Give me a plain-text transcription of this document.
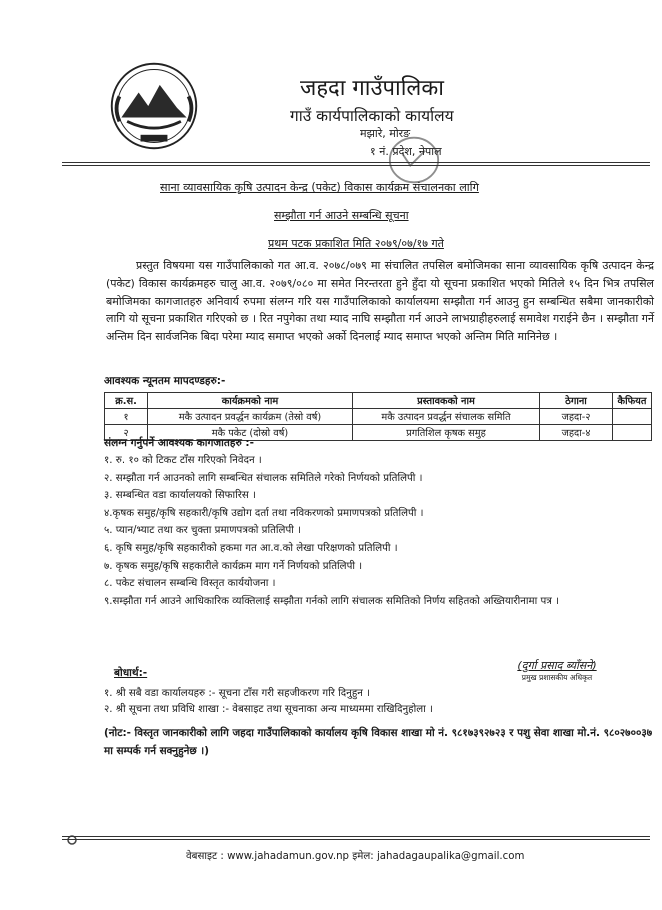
जहदा गाउँपालिका
गाउँ कार्यपालिकाको कार्यालय
मझारे, मोरङ
१ नं. प्रदेश, नेपाल
साना व्यावसायिक कृषि उत्पादन केन्द्र (पकेट) विकास कार्यक्रम संचालनका लागि
सम्झौता गर्न आउने सम्बन्धि सूचना
प्रथम पटक प्रकाशित मिति २०७९/०७/१७ गते
प्रस्तुत विषयमा यस गाउँपालिकाको गत आ.व. २०७८/०७९ मा संचालित तपसिल बमोजिमका साना व्यावसायिक कृषि उत्पादन केन्द्र (पकेट) विकास कार्यक्रमहरु चालु आ.व. २०७९/०८० मा समेत निरन्तरता हुने हुँदा यो सूचना प्रकाशित भएको मितिले १५ दिन भित्र तपसिल बमोजिमका कागजातहरु अनिवार्य रुपमा संलग्न गरि यस गाउँपालिकाको कार्यालयमा सम्झौता गर्न आउनु हुन सम्बन्धित सबैमा जानकारीको लागि यो सूचना प्रकाशित गरिएको छ । रित नपुगेका तथा म्याद नाघि सम्झौता गर्न आउने लाभग्राहीहरुलाई समावेश गराईने छैन । सम्झौता गर्ने अन्तिम दिन सार्वजनिक बिदा परेमा म्याद समाप्त भएको अर्को दिनलाई म्याद समाप्त भएको अन्तिम मिति मानिनेछ ।
आवश्यक न्यूनतम मापदण्डहरु:-
क्र.स.	कार्यक्रमको नाम	प्रस्तावकको नाम	ठेगाना	कैफियत
१	मकै उत्पादन प्रवर्द्धन कार्यक्रम (तेस्रो वर्ष)	मकै उत्पादन प्रवर्द्धन संचालक समिति	जहदा-२	
२	मकै पकेट (दोस्रो वर्ष)	प्रगतिशिल कृषक समुह	जहदा-४	
संलग्न गर्नुपर्ने आवश्यक कागजातहरु :-
१. रु. १० को टिकट टाँस गरिएको निवेदन ।
२. सम्झौता गर्न आउनको लागि सम्बन्धित संचालक समितिले गरेको निर्णयको प्रतिलिपी ।
३. सम्बन्धित वडा कार्यालयको सिफारिस ।
४.कृषक समुह/कृषि सहकारी/कृषि उद्योग दर्ता तथा नविकरणको प्रमाणपत्रको प्रतिलिपी ।
५. प्यान/भ्याट तथा कर चुक्ता प्रमाणपत्रको प्रतिलिपी ।
६. कृषि समुह/कृषि सहकारीको हकमा गत आ.व.को लेखा परिक्षणको प्रतिलिपी ।
७. कृषक समुह/कृषि सहकारीले कार्यक्रम माग गर्ने निर्णयको प्रतिलिपी ।
८. पकेट संचालन सम्बन्धि विस्तृत कार्ययोजना ।
९.सम्झौता गर्न आउने आधिकारिक व्यक्तिलाई सम्झौता गर्नको लागि संचालक समितिको निर्णय सहितको अख्तियारीनामा पत्र ।
(दुर्गा प्रसाद ब्याँसने)
प्रमुख प्रशासकीय अधिकृत
बोधार्थ:-
१. श्री सबै वडा कार्यालयहरु :- सूचना टाँस गरी सहजीकरण गरि दिनुहुन ।
२. श्री सूचना तथा प्रविधि शाखा :- वेबसाइट तथा सूचनाका अन्य माध्यममा राखिदिनुहोला ।
(नोट:- विस्तृत जानकारीको लागि जहदा गाउँपालिकाको कार्यालय कृषि विकास शाखा मो नं. ९८१७३९२७२३ र पशु सेवा शाखा मो.नं. ९८०२७००३७ मा सम्पर्क गर्न सक्नुहुनेछ ।)
वेबसाइट : www.jahadamun.gov.np इमेल: jahadagaupalika@gmail.com
